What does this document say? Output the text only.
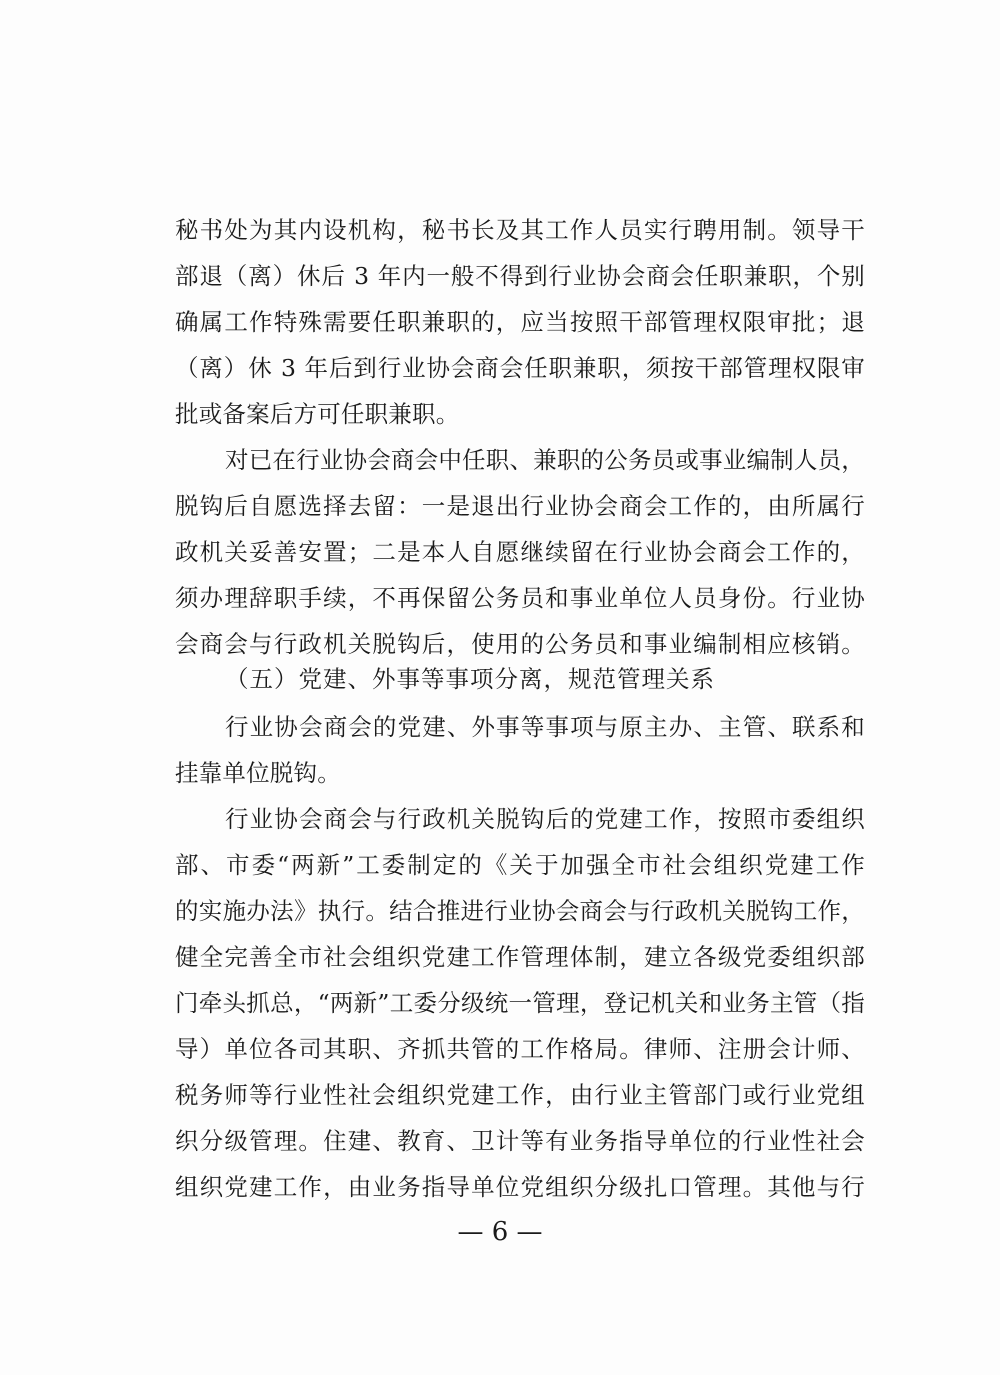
秘书处为其内设机构，秘书长及其工作人员实行聘用制。领导干
部退（离）休后 3 年内一般不得到行业协会商会任职兼职，个别
确属工作特殊需要任职兼职的，应当按照干部管理权限审批；退
（离）休 3 年后到行业协会商会任职兼职，须按干部管理权限审
批或备案后方可任职兼职。
对已在行业协会商会中任职、兼职的公务员或事业编制人员，
脱钩后自愿选择去留：一是退出行业协会商会工作的，由所属行
政机关妥善安置；二是本人自愿继续留在行业协会商会工作的，
须办理辞职手续，不再保留公务员和事业单位人员身份。行业协
会商会与行政机关脱钩后，使用的公务员和事业编制相应核销。
（五）党建、外事等事项分离，规范管理关系
行业协会商会的党建、外事等事项与原主办、主管、联系和
挂靠单位脱钩。
行业协会商会与行政机关脱钩后的党建工作，按照市委组织
部、市委“两新”工委制定的《关于加强全市社会组织党建工作
的实施办法》执行。结合推进行业协会商会与行政机关脱钩工作，
健全完善全市社会组织党建工作管理体制，建立各级党委组织部
门牵头抓总，“两新”工委分级统一管理，登记机关和业务主管（指
导）单位各司其职、齐抓共管的工作格局。律师、注册会计师、
税务师等行业性社会组织党建工作，由行业主管部门或行业党组
织分级管理。住建、教育、卫计等有业务指导单位的行业性社会
组织党建工作，由业务指导单位党组织分级扎口管理。其他与行
— 6 —
